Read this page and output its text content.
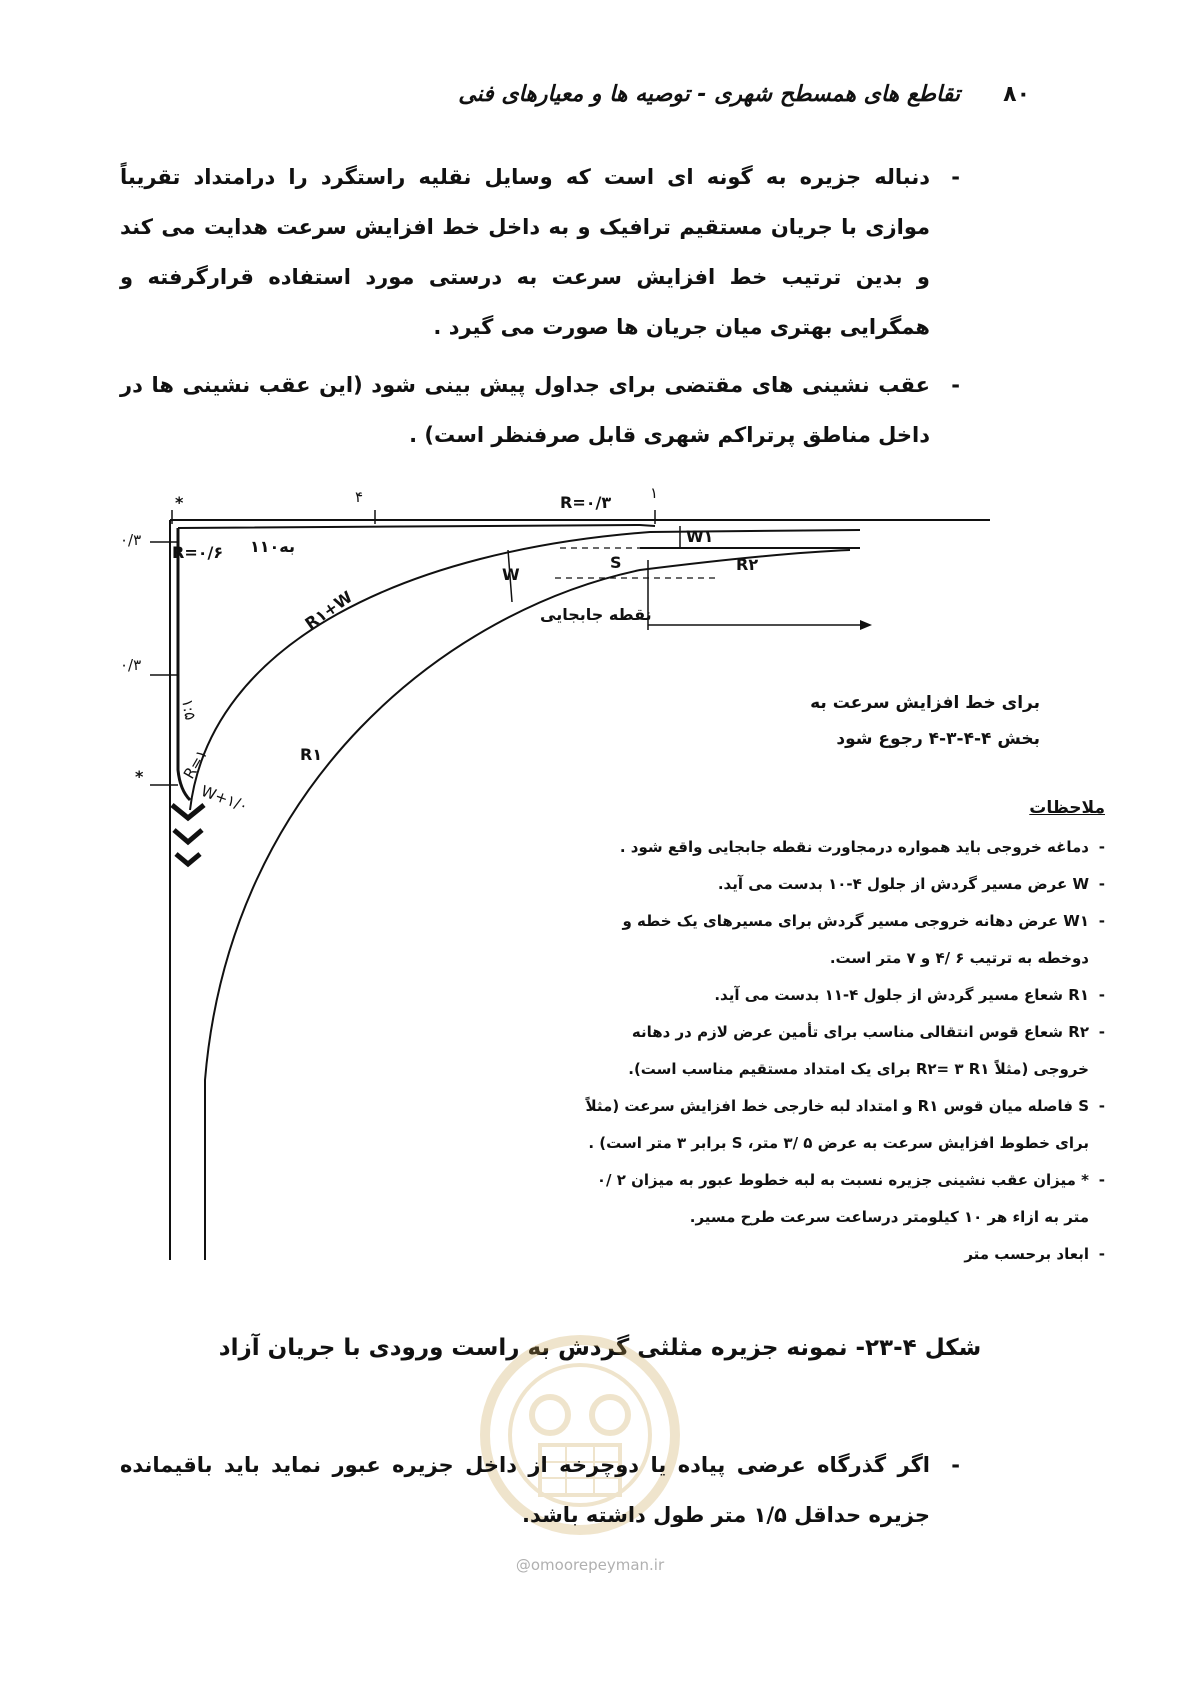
۸۰
تقاطع های همسطح شهری - توصیه ها و معیارهای فنی

-
دنباله جزیره به گونه ای است که وسایل نقلیه راستگرد را درامتداد تقریباً موازی با جریان مستقیم ترافیک و به داخل خط افزایش سرعت هدایت می کند و بدین ترتیب خط افزایش سرعت به درستی مورد استفاده قرارگرفته و همگرایی بهتری میان جریان ها صورت می گیرد .

-
عقب نشینی های مقتضی برای جداول پیش بینی شود (این عقب نشینی ها در داخل مناطق پرتراکم شهری قابل صرفنظر است) .

*
*
R=۰/۳
۴	۱
R=۰/۶
۰/۳
۰/۳
۱به۱۰
W
W۱
R۲
S
R۱+W
R۱
R=۱
W+۱/۰
۱:۵
نقطه جابجایی
برای خط افزایش سرعت به
بخش ۴-۴-۳-۴ رجوع شود
ملاحظات
-
دماغه خروجی باید همواره درمجاورت نقطه جابجایی واقع شود .
-
W عرض مسیر گردش از جلول ۴-۱۰ بدست می آید.
-
W۱ عرض دهانه خروجی مسیر گردش برای مسیرهای یک خطه و دوخطه به ترتیب ۶ /۴ و ۷ متر است.
-
R۱ شعاع مسیر گردش از جلول ۴-۱۱ بدست می آید.
-
R۲ شعاع قوس انتقالی مناسب برای تأمین عرض لازم در دهانه خروجی (مثلاً R۲= ۳ R۱ برای یک امتداد مستقیم مناسب است).
-
S فاصله میان قوس R۱ و امتداد لبه خارجی خط افزایش سرعت (مثلاً برای خطوط افزایش سرعت به عرض ۵ /۳ متر، S برابر ۳ متر است) .
-
* میزان عقب نشینی جزیره نسبت به لبه خطوط عبور به میزان ۲ /۰ متر به ازاء هر ۱۰ کیلومتر درساعت سرعت طرح مسیر.
-
ابعاد برحسب متر
شکل ۴-۲۳- نمونه جزیره مثلثی گردش به راست ورودی با جریان آزاد

-
اگر گذرگاه عرضی پیاده یا دوچرخه از داخل جزیره عبور نماید باید باقیمانده جزیره حداقل ۱/۵ متر طول داشته باشد.

@omoorepeyman.ir
